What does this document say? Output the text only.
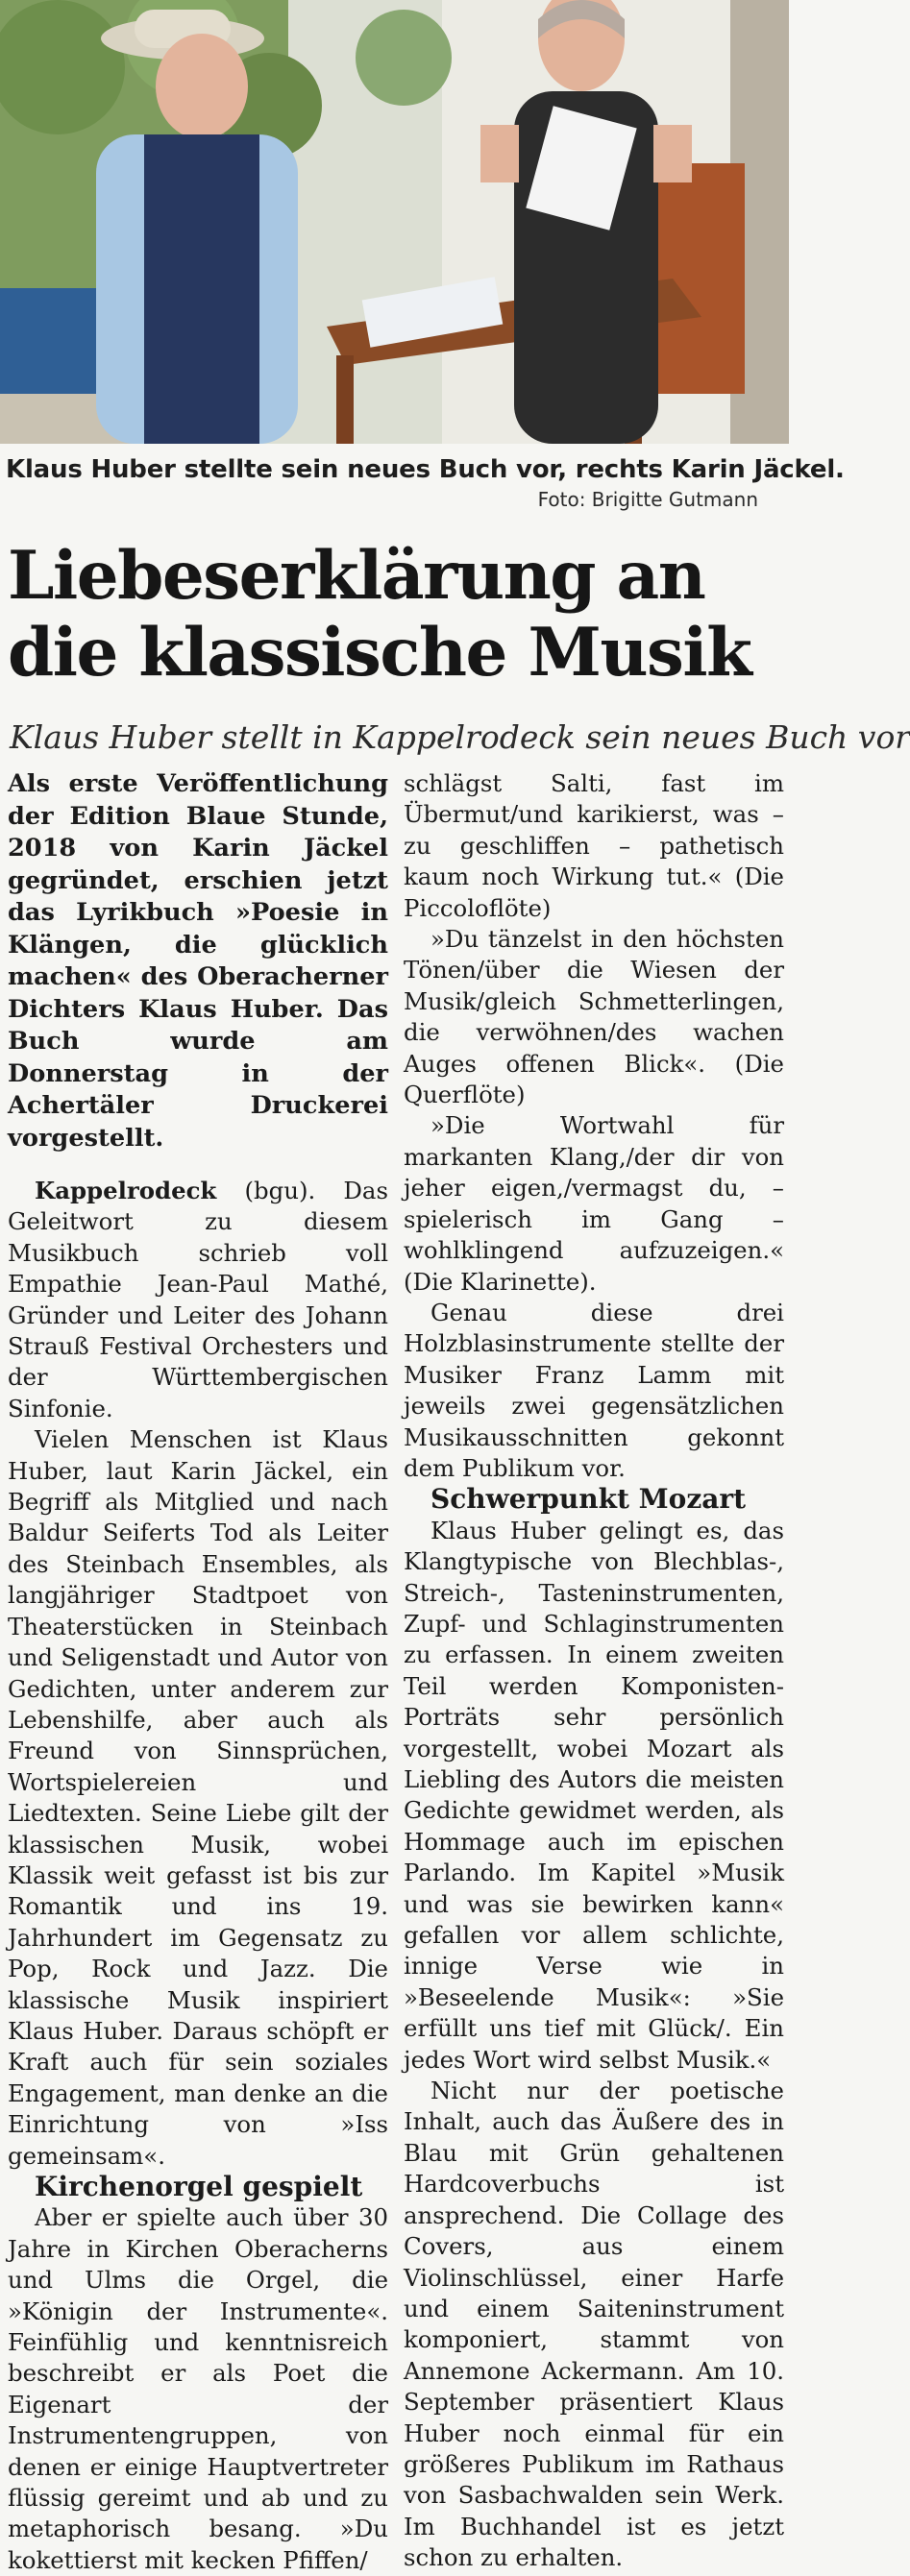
Klaus Huber stellte sein neues Buch vor, rechts Karin Jäckel.
Foto: Brigitte Gutmann
Liebeserklärung an
die klassische Musik
Klaus Huber stellt in Kappelrodeck sein neues Buch vor

Als erste Veröffentlichung der Edition Blaue Stunde, 2018 von Karin Jäckel gegründet, erschien jetzt das Lyrikbuch »Poesie in Klängen, die glücklich machen« des Oberacherner Dichters Klaus Huber. Das Buch wurde am Donnerstag in der Achertäler Druckerei vorgestellt.

Kappelrodeck (bgu). Das Geleitwort zu diesem Musikbuch schrieb voll Empathie Jean-Paul Mathé, Gründer und Leiter des Johann Strauß Festival Orchesters und der Württembergischen Sinfonie.

Vielen Menschen ist Klaus Huber, laut Karin Jäckel, ein Begriff als Mitglied und nach Baldur Seiferts Tod als Leiter des Steinbach Ensembles, als langjähriger Stadtpoet von Theaterstücken in Steinbach und Seligenstadt und Autor von Gedichten, unter anderem zur Lebenshilfe, aber auch als Freund von Sinnsprüchen, Wortspielereien und Liedtexten. Seine Liebe gilt der klassischen Musik, wobei Klassik weit gefasst ist bis zur Romantik und ins 19. Jahrhundert im Gegensatz zu Pop, Rock und Jazz. Die klassische Musik inspiriert Klaus Huber. Daraus schöpft er Kraft auch für sein soziales Engagement, man denke an die Einrichtung von »Iss gemeinsam«.

Kirchenorgel gespielt

Aber er spielte auch über 30 Jahre in Kirchen Oberacherns und Ulms die Orgel, die »Königin der Instrumente«. Feinfühlig und kenntnisreich beschreibt er als Poet die Eigenart der Instrumentengruppen, von denen er einige Hauptvertreter flüssig gereimt und ab und zu metaphorisch besang. »Du kokettierst mit kecken Pfiffen/

schlägst Salti, fast im Übermut/und karikierst, was – zu geschliffen – pathetisch kaum noch Wirkung tut.« (Die Piccoloflöte)

»Du tänzelst in den höchsten Tönen/über die Wiesen der Musik/gleich Schmetterlingen, die verwöhnen/des wachen Auges offenen Blick«. (Die Querflöte)

»Die Wortwahl für markanten Klang,/der dir von jeher eigen,/vermagst du, – spielerisch im Gang – wohlklingend aufzuzeigen.« (Die Klarinette).

Genau diese drei Holzblasinstrumente stellte der Musiker Franz Lamm mit jeweils zwei gegensätzlichen Musikausschnitten gekonnt dem Publikum vor.

Schwerpunkt Mozart

Klaus Huber gelingt es, das Klangtypische von Blechblas-, Streich-, Tasteninstrumenten, Zupf- und Schlaginstrumenten zu erfassen. In einem zweiten Teil werden Komponisten-Porträts sehr persönlich vorgestellt, wobei Mozart als Liebling des Autors die meisten Gedichte gewidmet werden, als Hommage auch im epischen Parlando. Im Kapitel »Musik und was sie bewirken kann« gefallen vor allem schlichte, innige Verse wie in »Beseelende Musik«: »Sie erfüllt uns tief mit Glück/. Ein jedes Wort wird selbst Musik.«

Nicht nur der poetische Inhalt, auch das Äußere des in Blau mit Grün gehaltenen Hardcoverbuchs ist ansprechend. Die Collage des Covers, aus einem Violinschlüssel, einer Harfe und einem Saiteninstrument komponiert, stammt von Annemone Ackermann. Am 10. September präsentiert Klaus Huber noch einmal für ein größeres Publikum im Rathaus von Sasbachwalden sein Werk. Im Buchhandel ist es jetzt schon zu erhalten.
